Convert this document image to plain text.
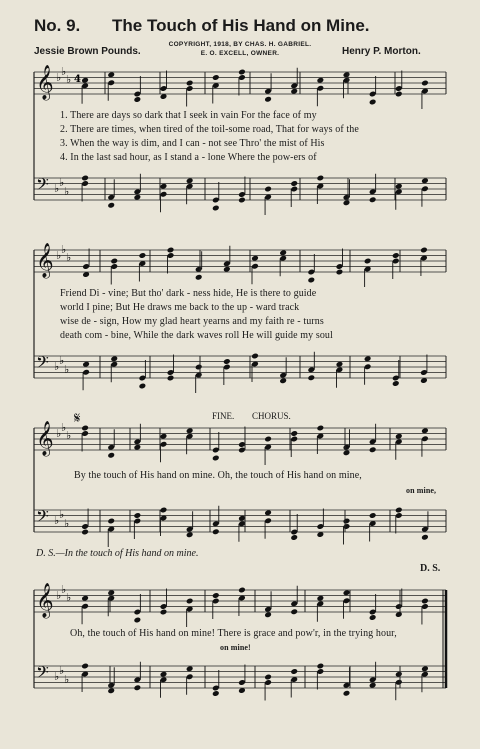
No. 9. The Touch of His Hand on Mine.
Jessie Brown Pounds.
COPYRIGHT, 1918, BY CHAS. H. GABRIEL.
E. O. EXCELL, OWNER.	Henry P. Morton.
𝄞 ♭ ♭
♭
𝄢 ♭ ♭
♭
4
𝄞 ♭ ♭
♭
𝄢 ♭ ♭
♭
𝄞 ♭ ♭
♭
𝄢 ♭ ♭
♭
𝄞 ♭ ♭
♭
𝄢 ♭ ♭
♭
1. There are days so dark that I seek in vain For the face of my
2. There are times, when tired of the toil-some road, That for ways of the
3. When the way is dim, and I can - not see Thro' the mist of His
4. In the last sad hour, as I stand a - lone Where the pow-ers of
Friend Di - vine; But tho' dark - ness hide, He is there to guide
world I pine; But He draws me back to the up - ward track
wise de - sign, How my glad heart yearns and my faith re - turns
death com - bine, While the dark waves roll He will guide my soul
𝄋	FINE. CHORUS.
By the touch of His hand on mine. Oh, the touch of His hand on mine,
on mine,
D. S.—In the touch of His hand on mine.
D. S.
Oh, the touch of His hand on mine! There is grace and pow'r, in the trying hour,
on mine!
